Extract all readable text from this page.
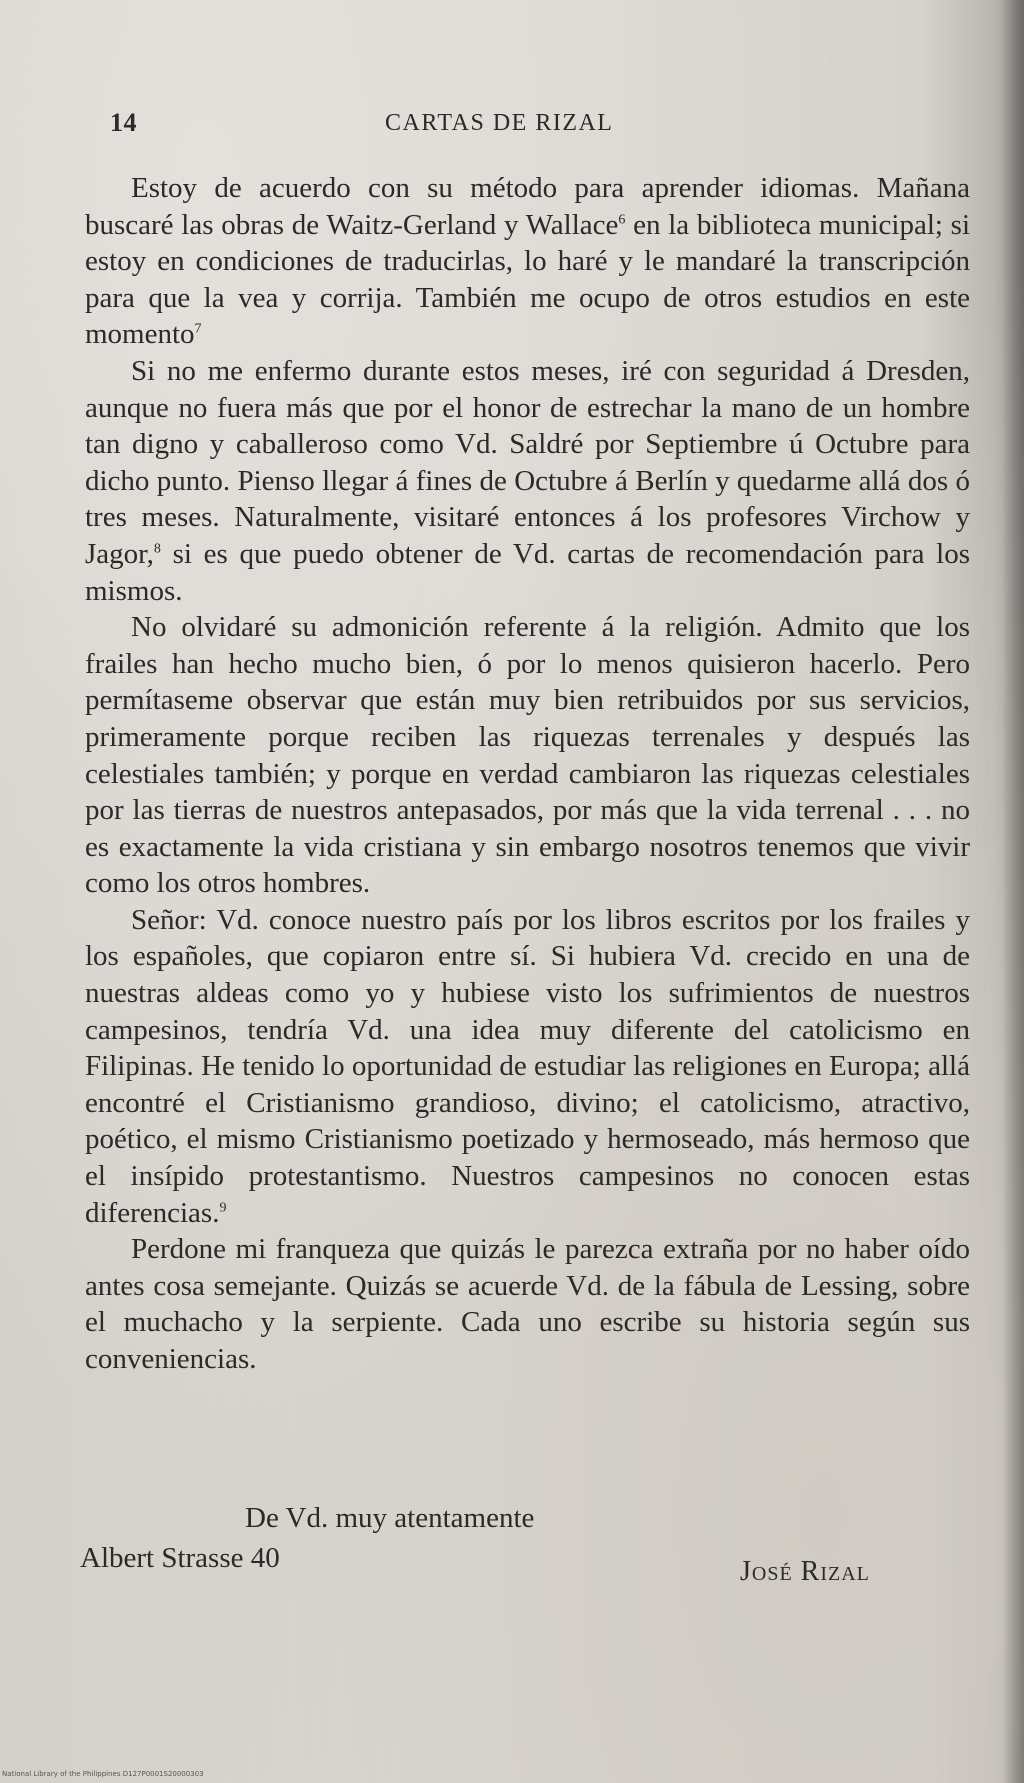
14	CARTAS DE RIZAL

Estoy de acuerdo con su método para aprender idiomas. Mañana buscaré las obras de Waitz-Gerland y Wallace$^6$ en la biblioteca municipal; si estoy en condiciones de traducirlas, lo haré y le mandaré la transcripción para que la vea y corrija. También me ocupo de otros estudios en este momento$^7$

Si no me enfermo durante estos meses, iré con seguridad á Dresden, aunque no fuera más que por el honor de estrechar la mano de un hombre tan digno y caballeroso como Vd. Saldré por Septiembre ú Octubre para dicho punto. Pienso llegar á fines de Octubre á Berlín y quedarme allá dos ó tres meses. Naturalmente, visitaré entonces á los profesores Virchow y Jagor,$^8$ si es que puedo obtener de Vd. cartas de recomendación para los mismos.

No olvidaré su admonición referente á la religión. Admito que los frailes han hecho mucho bien, ó por lo menos quisieron hacerlo. Pero permítaseme observar que están muy bien retribuidos por sus servicios, primeramente porque reciben las riquezas terrenales y después las celestiales también; y porque en verdad cambiaron las riquezas celestiales por las tierras de nuestros antepasados, por más que la vida terrenal . . . no es exactamente la vida cristiana y sin embargo nosotros tenemos que vivir como los otros hombres.

Señor: Vd. conoce nuestro país por los libros escritos por los frailes y los españoles, que copiaron entre sí. Si hubiera Vd. crecido en una de nuestras aldeas como yo y hubiese visto los sufrimientos de nuestros campesinos, tendría Vd. una idea muy diferente del catolicismo en Filipinas. He tenido lo oportunidad de estudiar las religiones en Europa; allá encontré el Cristianismo grandioso, divino; el catolicismo, atractivo, poético, el mismo Cristianismo poetizado y hermoseado, más hermoso que el insípido protestantismo. Nuestros campesinos no conocen estas diferencias.$^9$

Perdone mi franqueza que quizás le parezca extraña por no haber oído antes cosa semejante. Quizás se acuerde Vd. de la fábula de Lessing, sobre el muchacho y la serpiente. Cada uno escribe su historia según sus conveniencias.

De Vd. muy atentamente
Albert Strasse 40	José Rizal
National Library of the Philippines D127P0001S20000303
